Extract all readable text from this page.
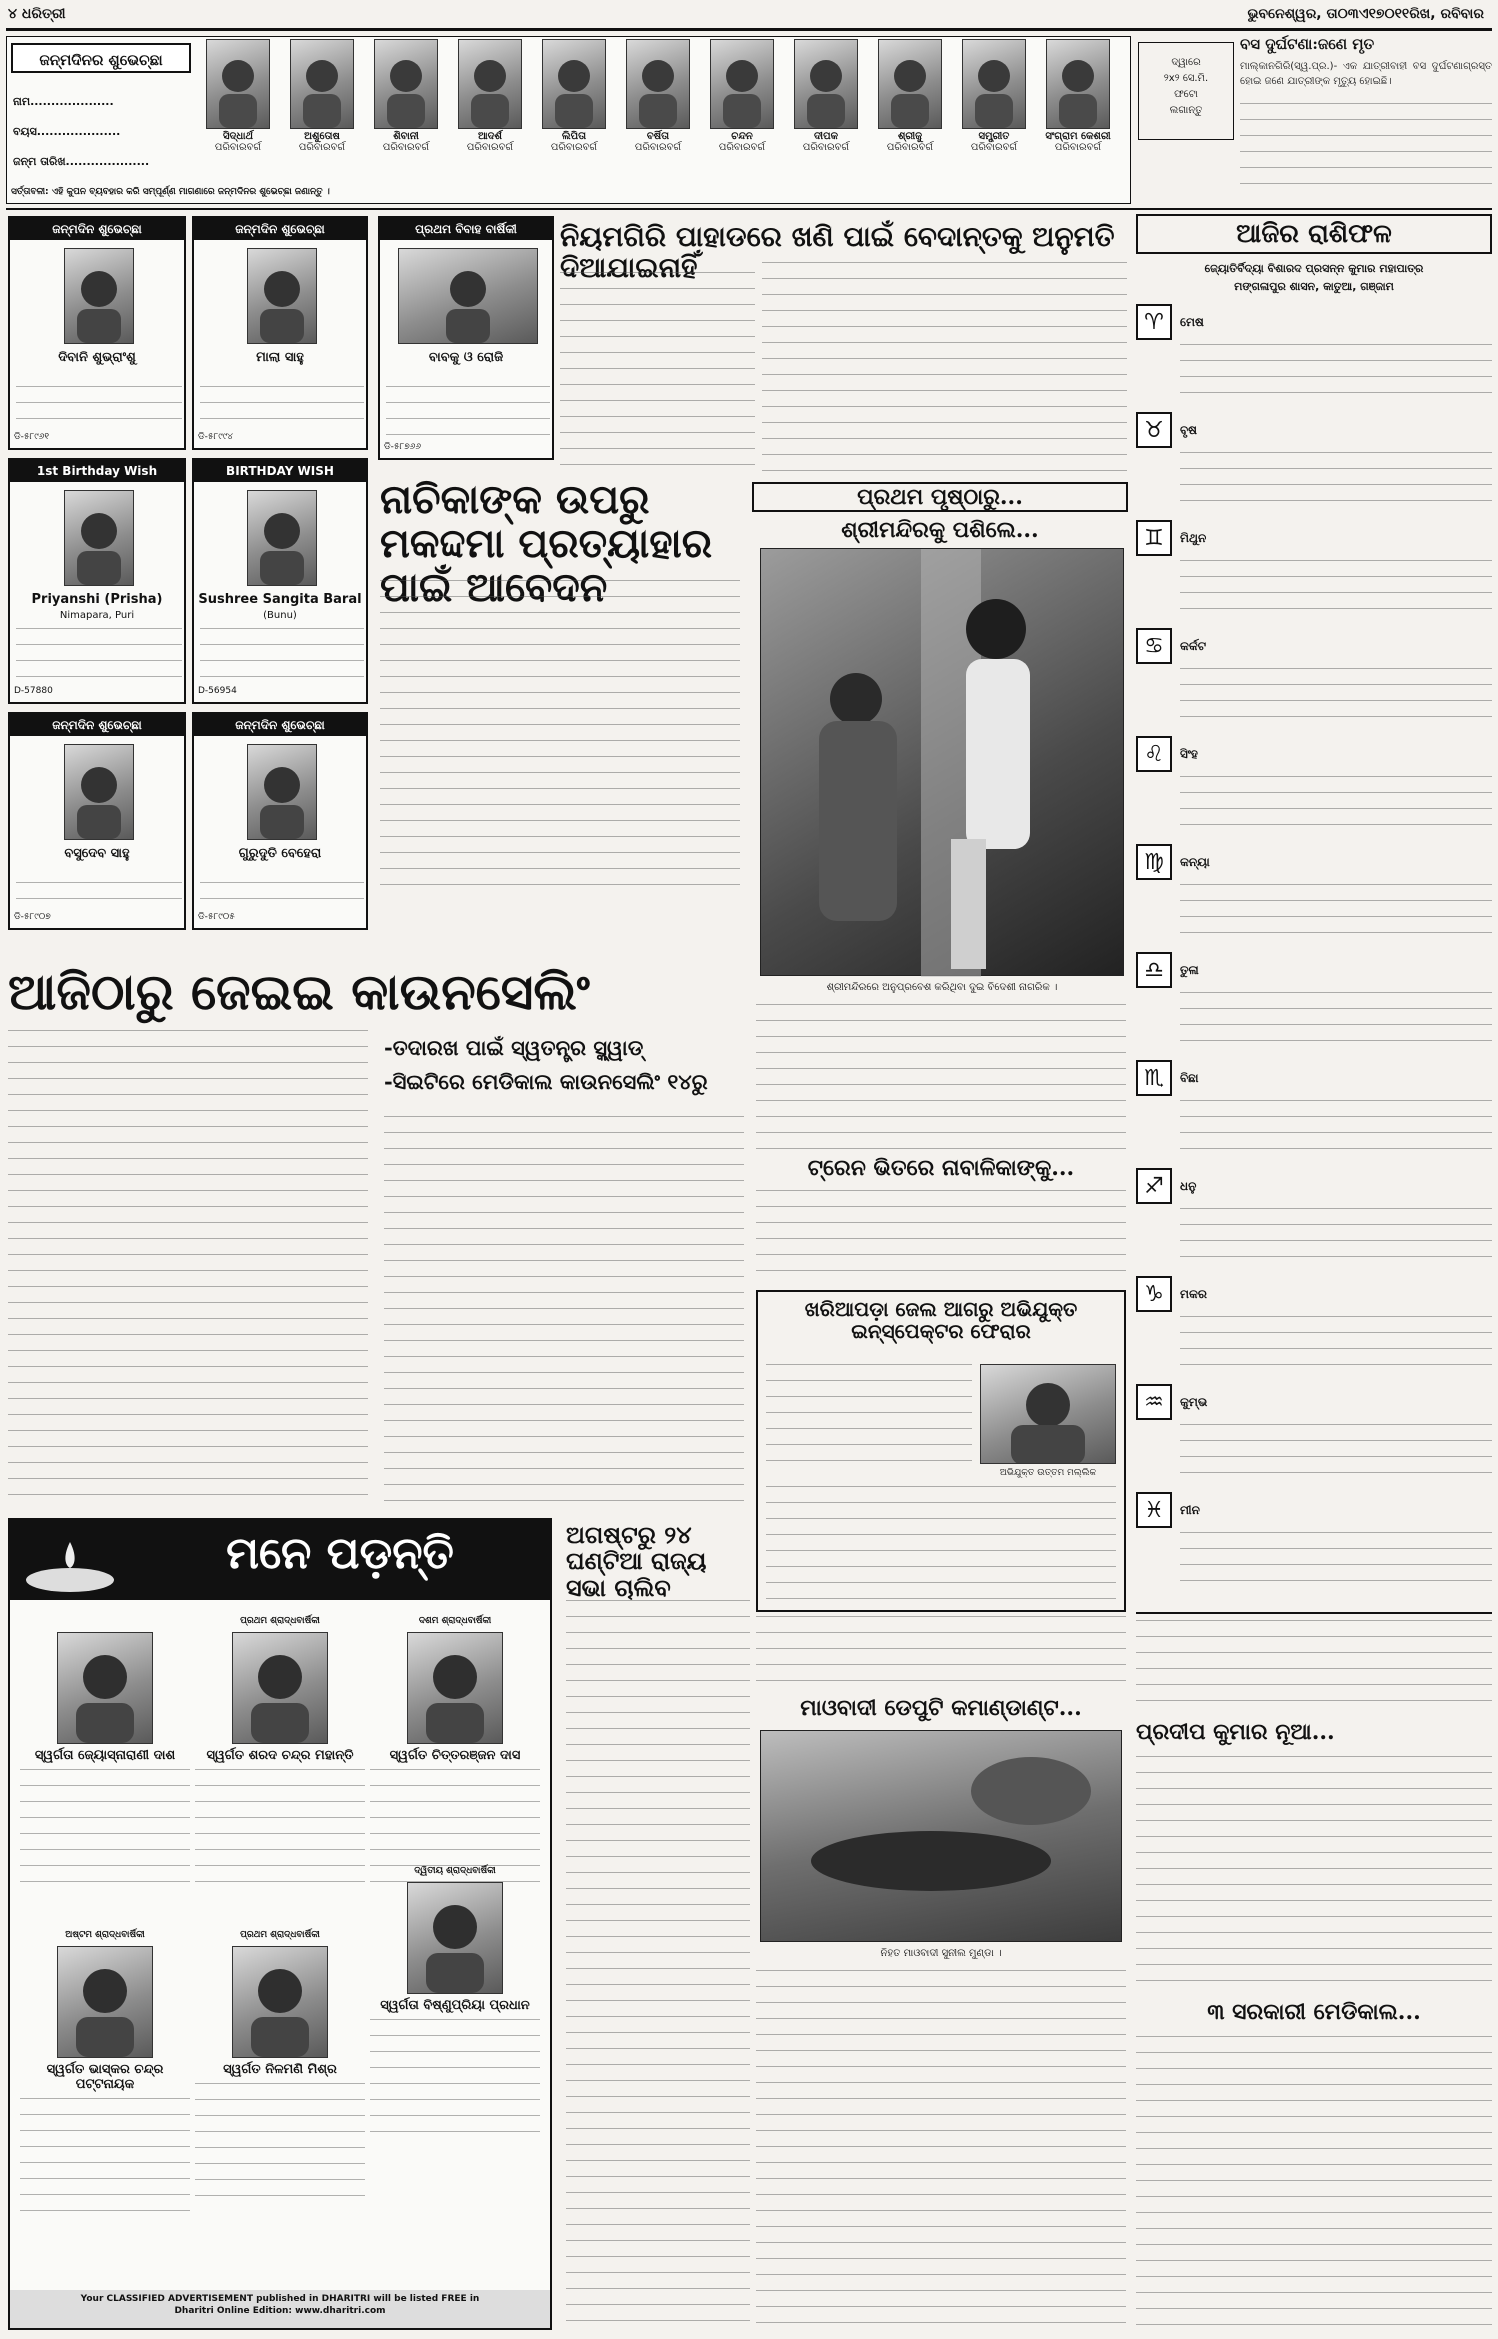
୪ ଧରିତ୍ରୀ	ଭୁବନେଶ୍ୱର, ତା୦୩ଏ୧୭୦୧୧ରିଖ, ରବିବାର
ଜନ୍ମଦିନର ଶୁଭେଚ୍ଛା
ନାମ....................
ବୟସ....................
ଜନ୍ମ ତାରିଖ....................
ସିଦ୍ଧାର୍ଥ
ପରିବାରବର୍ଗ
ଅଶୁତୋଷ
ପରିବାରବର୍ଗ
ଶିବାନୀ
ପରିବାରବର୍ଗ
ଆଦର୍ଶ
ପରିବାରବର୍ଗ
ଲିପିତା
ପରିବାରବର୍ଗ
ବର୍ଷିତା
ପରିବାରବର୍ଗ
ଚନ୍ଦନ
ପରିବାରବର୍ଗ
ଦୀପକ
ପରିବାରବର୍ଗ
ଶ୍ରୀଜୁ
ପରିବାରବର୍ଗ
ସମ୍ପ୍ରୀତ
ପରିବାରବର୍ଗ
ସଂଗ୍ରାମ କେଶରୀ
ପରିବାରବର୍ଗ
ସର୍ତ୍ତାବଳୀ: ଏହି କୁପନ ବ୍ୟବହାର କରି ସମ୍ପୂର୍ଣ୍ଣ ମାଗଣାରେ ଜନ୍ମଦିନର ଶୁଭେଚ୍ଛା ଜଣାନ୍ତୁ ।
ଦ୍ୱାରେ
୨x୨ ସେ.ମି.
ଫଟୋ
ଲଗାନ୍ତୁ
ବସ ଦୁର୍ଘଟଣା:ଜଣେ ମୃତ
ମାଲ୍କାନଗିରି(ସ୍ୱ.ପ୍ର.)- ଏକ ଯାତ୍ରୀବାହୀ ବସ ଦୁର୍ଘଟଣାଗ୍ରସ୍ତ ହୋଇ ଜଣେ ଯାତ୍ରୀଙ୍କ ମୃତ୍ୟୁ ହୋଇଛି।
ଜନ୍ମଦିନ ଶୁଭେଚ୍ଛା
ଦିବାନି ଶୁଭ୍ରାଂଶୁ
ଡି-୫୮୯୬୧
ଜନ୍ମଦିନ ଶୁଭେଚ୍ଛା
ମାଲା ସାହୁ
ଡି-୫୮୯୯୪
ପ୍ରଥମ ବିବାହ ବାର୍ଷିକୀ
ବାବକୁ ଓ ରୋଜି
ଡି-୫୮୭୬୬
1st Birthday Wish
Priyanshi (Prisha)
Nimapara, Puri
D-57880
BIRTHDAY WISH
Sushree Sangita Baral
(Bunu)
D-56954
ଜନ୍ମଦିନ ଶୁଭେଚ୍ଛା
ବସୁଦେବ ସାହୁ
ଡି-୫୮୯୦୭
ଜନ୍ମଦିନ ଶୁଭେଚ୍ଛା
ଗୁରୁଦୁତି ବେହେରା
ଡି-୫୮୯୦୫
ନିୟମଗିରି ପାହାଡରେ ଖଣି ପାଇଁ ବେଦାନ୍ତକୁ ଅନୁମତି ଦିଆଯାଇନାହିଁ
ନାଚିକାଙ୍କ ଉପରୁ ମକଦ୍ଦମା ପ୍ରତ୍ୟାହାର ପାଇଁ ଆବେଦନ
ପ୍ରଥମ ପୃଷ୍ଠାରୁ...
ଶ୍ରୀମନ୍ଦିରକୁ ପଶିଲେ...
ଶ୍ରୀମନ୍ଦିରରେ ଅନୁପ୍ରବେଶ କରିଥିବା ଦୁଇ ବିଦେଶୀ ନାଗରିକ ।
ଆଜିଠାରୁ ଜେଇଇ କାଉନସେଲିଂ
-ତଦାରଖ ପାଇଁ ସ୍ୱତନ୍ତ୍ର ସ୍କ୍ୱାଡ୍
-ସିଇଟିରେ ମେଡିକାଲ କାଉନସେଲିଂ ୧୪ରୁ
ଟ୍ରେନ ଭିତରେ ନାବାଳିକାଙ୍କୁ...
ଖରିଆପଡ଼ା ଜେଲ ଆଗରୁ ଅଭିଯୁକ୍ତ ଇନ୍‌ସ୍ପେକ୍ଟର ଫେରାର
ଅଭିଯୁକ୍ତ ଉତ୍ତମ ମଲ୍ଲିକ
ଆଜିର ରାଶିଫଳ
ଜ୍ୟୋତିର୍ବିଦ୍ୟା ବିଶାରଦ ପ୍ରସନ୍ନ କୁମାର ମହାପାତ୍ର
ମଙ୍ଗଳାପୁର ଶାସନ, କାତୁଆ, ଗଞ୍ଜାମ
♈	ମେଷ
♉	ବୃଷ
♊	ମିଥୁନ
♋	କର୍କଟ
♌	ସିଂହ
♍	କନ୍ୟା
♎	ତୁଳା
♏	ବିଛା
♐	ଧନୁ
♑	ମକର
♒	କୁମ୍ଭ
♓	ମୀନ
ପ୍ରଦୀପ କୁମାର ନୂଆ...
୩ ସରକାରୀ ମେଡିକାଲ...
ମନେ ପଡ଼ନ୍ତି
ସ୍ୱର୍ଗତା ଜ୍ୟୋସ୍ନାରାଣୀ ଦାଶ
ପ୍ରଥମ ଶ୍ରାଦ୍ଧବାର୍ଷିକୀ
ସ୍ୱର୍ଗତ ଶରଦ ଚନ୍ଦ୍ର ମହାନ୍ତି
ଦଶମ ଶ୍ରାଦ୍ଧବାର୍ଷିକୀ
ସ୍ୱର୍ଗତ ଚିତ୍ତରଞ୍ଜନ ଦାସ
ଅଷ୍ଟମ ଶ୍ରାଦ୍ଧବାର୍ଷିକୀ
ସ୍ୱର୍ଗତ ଭାସ୍କର ଚନ୍ଦ୍ର ପଟ୍ଟନାୟକ
ପ୍ରଥମ ଶ୍ରାଦ୍ଧବାର୍ଷିକୀ
ସ୍ୱର୍ଗତ ନିଳମଣି ମିଶ୍ର
ଦ୍ୱିତୀୟ ଶ୍ରାଦ୍ଧବାର୍ଷିକୀ
ସ୍ୱର୍ଗତା ବିଷ୍ଣୁପ୍ରିୟା ପ୍ରଧାନ
Your CLASSIFIED ADVERTISEMENT published in DHARITRI will be listed FREE in
Dharitri Online Edition: www.dharitri.com
ଅଗଷ୍ଟରୁ ୨୪ ଘଣ୍ଟିଆ ରାଜ୍ୟ ସଭା ଚାଲିବ
ମାଓବାଦୀ ଡେପୁଟି କମାଣ୍ଡାଣ୍ଟ...
ନିହତ ମାଓବାଦୀ ସୁନୀଲ ମୁଣ୍ଡା ।
